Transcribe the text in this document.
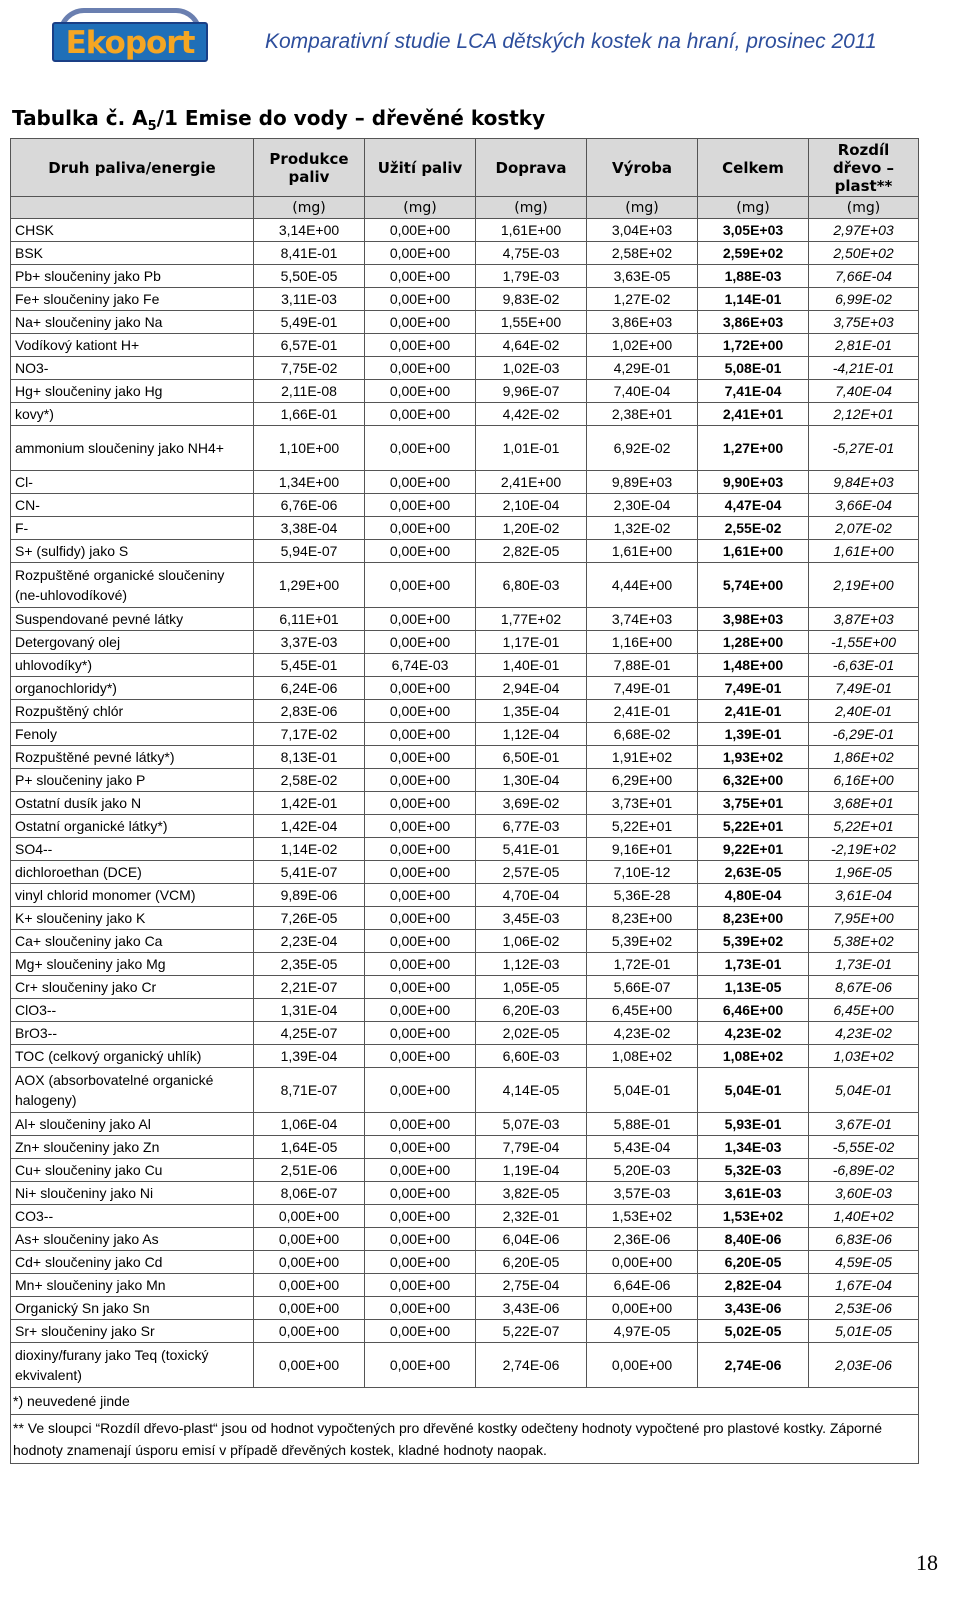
Ekoport	Komparativní studie LCA dětských kostek na hraní, prosinec 2011
Tabulka č. $A_5/1$ Emise do vody – dřevěné kostky
Druh paliva/energie	Produkce paliv	Užití paliv	Doprava	Výroba	Celkem	Rozdíl dřevo – plast**
	(mg)	(mg)	(mg)	(mg)	(mg)	(mg)
CHSK	3,14E+00	0,00E+00	1,61E+00	3,04E+03	3,05E+03	2,97E+03
BSK	8,41E-01	0,00E+00	4,75E-03	2,58E+02	2,59E+02	2,50E+02
Pb+ sloučeniny jako Pb	5,50E-05	0,00E+00	1,79E-03	3,63E-05	1,88E-03	7,66E-04
Fe+ sloučeniny jako Fe	3,11E-03	0,00E+00	9,83E-02	1,27E-02	1,14E-01	6,99E-02
Na+ sloučeniny jako Na	5,49E-01	0,00E+00	1,55E+00	3,86E+03	3,86E+03	3,75E+03
Vodíkový kationt H+	6,57E-01	0,00E+00	4,64E-02	1,02E+00	1,72E+00	2,81E-01
NO3-	7,75E-02	0,00E+00	1,02E-03	4,29E-01	5,08E-01	-4,21E-01
Hg+ sloučeniny jako Hg	2,11E-08	0,00E+00	9,96E-07	7,40E-04	7,41E-04	7,40E-04
kovy*)	1,66E-01	0,00E+00	4,42E-02	2,38E+01	2,41E+01	2,12E+01
ammonium sloučeniny jako NH4+	1,10E+00	0,00E+00	1,01E-01	6,92E-02	1,27E+00	-5,27E-01
Cl-	1,34E+00	0,00E+00	2,41E+00	9,89E+03	9,90E+03	9,84E+03
CN-	6,76E-06	0,00E+00	2,10E-04	2,30E-04	4,47E-04	3,66E-04
F-	3,38E-04	0,00E+00	1,20E-02	1,32E-02	2,55E-02	2,07E-02
S+ (sulfidy) jako S	5,94E-07	0,00E+00	2,82E-05	1,61E+00	1,61E+00	1,61E+00
Rozpuštěné organické sloučeniny (ne-uhlovodíkové)	1,29E+00	0,00E+00	6,80E-03	4,44E+00	5,74E+00	2,19E+00
Suspendované pevné látky	6,11E+01	0,00E+00	1,77E+02	3,74E+03	3,98E+03	3,87E+03
Detergovaný olej	3,37E-03	0,00E+00	1,17E-01	1,16E+00	1,28E+00	-1,55E+00
uhlovodíky*)	5,45E-01	6,74E-03	1,40E-01	7,88E-01	1,48E+00	-6,63E-01
organochloridy*)	6,24E-06	0,00E+00	2,94E-04	7,49E-01	7,49E-01	7,49E-01
Rozpuštěný chlór	2,83E-06	0,00E+00	1,35E-04	2,41E-01	2,41E-01	2,40E-01
Fenoly	7,17E-02	0,00E+00	1,12E-04	6,68E-02	1,39E-01	-6,29E-01
Rozpuštěné pevné látky*)	8,13E-01	0,00E+00	6,50E-01	1,91E+02	1,93E+02	1,86E+02
P+ sloučeniny jako P	2,58E-02	0,00E+00	1,30E-04	6,29E+00	6,32E+00	6,16E+00
Ostatní dusík jako N	1,42E-01	0,00E+00	3,69E-02	3,73E+01	3,75E+01	3,68E+01
Ostatní organické látky*)	1,42E-04	0,00E+00	6,77E-03	5,22E+01	5,22E+01	5,22E+01
SO4--	1,14E-02	0,00E+00	5,41E-01	9,16E+01	9,22E+01	-2,19E+02
dichloroethan (DCE)	5,41E-07	0,00E+00	2,57E-05	7,10E-12	2,63E-05	1,96E-05
vinyl chlorid monomer (VCM)	9,89E-06	0,00E+00	4,70E-04	5,36E-28	4,80E-04	3,61E-04
K+ sloučeniny jako K	7,26E-05	0,00E+00	3,45E-03	8,23E+00	8,23E+00	7,95E+00
Ca+ sloučeniny jako Ca	2,23E-04	0,00E+00	1,06E-02	5,39E+02	5,39E+02	5,38E+02
Mg+ sloučeniny jako Mg	2,35E-05	0,00E+00	1,12E-03	1,72E-01	1,73E-01	1,73E-01
Cr+ sloučeniny jako Cr	2,21E-07	0,00E+00	1,05E-05	5,66E-07	1,13E-05	8,67E-06
ClO3--	1,31E-04	0,00E+00	6,20E-03	6,45E+00	6,46E+00	6,45E+00
BrO3--	4,25E-07	0,00E+00	2,02E-05	4,23E-02	4,23E-02	4,23E-02
TOC (celkový organický uhlík)	1,39E-04	0,00E+00	6,60E-03	1,08E+02	1,08E+02	1,03E+02
AOX (absorbovatelné organické halogeny)	8,71E-07	0,00E+00	4,14E-05	5,04E-01	5,04E-01	5,04E-01
Al+ sloučeniny jako Al	1,06E-04	0,00E+00	5,07E-03	5,88E-01	5,93E-01	3,67E-01
Zn+ sloučeniny jako Zn	1,64E-05	0,00E+00	7,79E-04	5,43E-04	1,34E-03	-5,55E-02
Cu+ sloučeniny jako Cu	2,51E-06	0,00E+00	1,19E-04	5,20E-03	5,32E-03	-6,89E-02
Ni+ sloučeniny jako Ni	8,06E-07	0,00E+00	3,82E-05	3,57E-03	3,61E-03	3,60E-03
CO3--	0,00E+00	0,00E+00	2,32E-01	1,53E+02	1,53E+02	1,40E+02
As+ sloučeniny jako As	0,00E+00	0,00E+00	6,04E-06	2,36E-06	8,40E-06	6,83E-06
Cd+ sloučeniny jako Cd	0,00E+00	0,00E+00	6,20E-05	0,00E+00	6,20E-05	4,59E-05
Mn+ sloučeniny jako Mn	0,00E+00	0,00E+00	2,75E-04	6,64E-06	2,82E-04	1,67E-04
Organický Sn jako Sn	0,00E+00	0,00E+00	3,43E-06	0,00E+00	3,43E-06	2,53E-06
Sr+ sloučeniny jako Sr	0,00E+00	0,00E+00	5,22E-07	4,97E-05	5,02E-05	5,01E-05
dioxiny/furany jako Teq (toxický ekvivalent)	0,00E+00	0,00E+00	2,74E-06	0,00E+00	2,74E-06	2,03E-06
*) neuvedené jinde						
** Ve sloupci “Rozdíl dřevo-plast“ jsou od hodnot vypočtených pro dřevěné kostky odečteny hodnoty vypočtené pro plastové kostky. Záporné hodnoty znamenají úsporu emisí v případě dřevěných kostek, kladné hodnoty naopak.						
18
